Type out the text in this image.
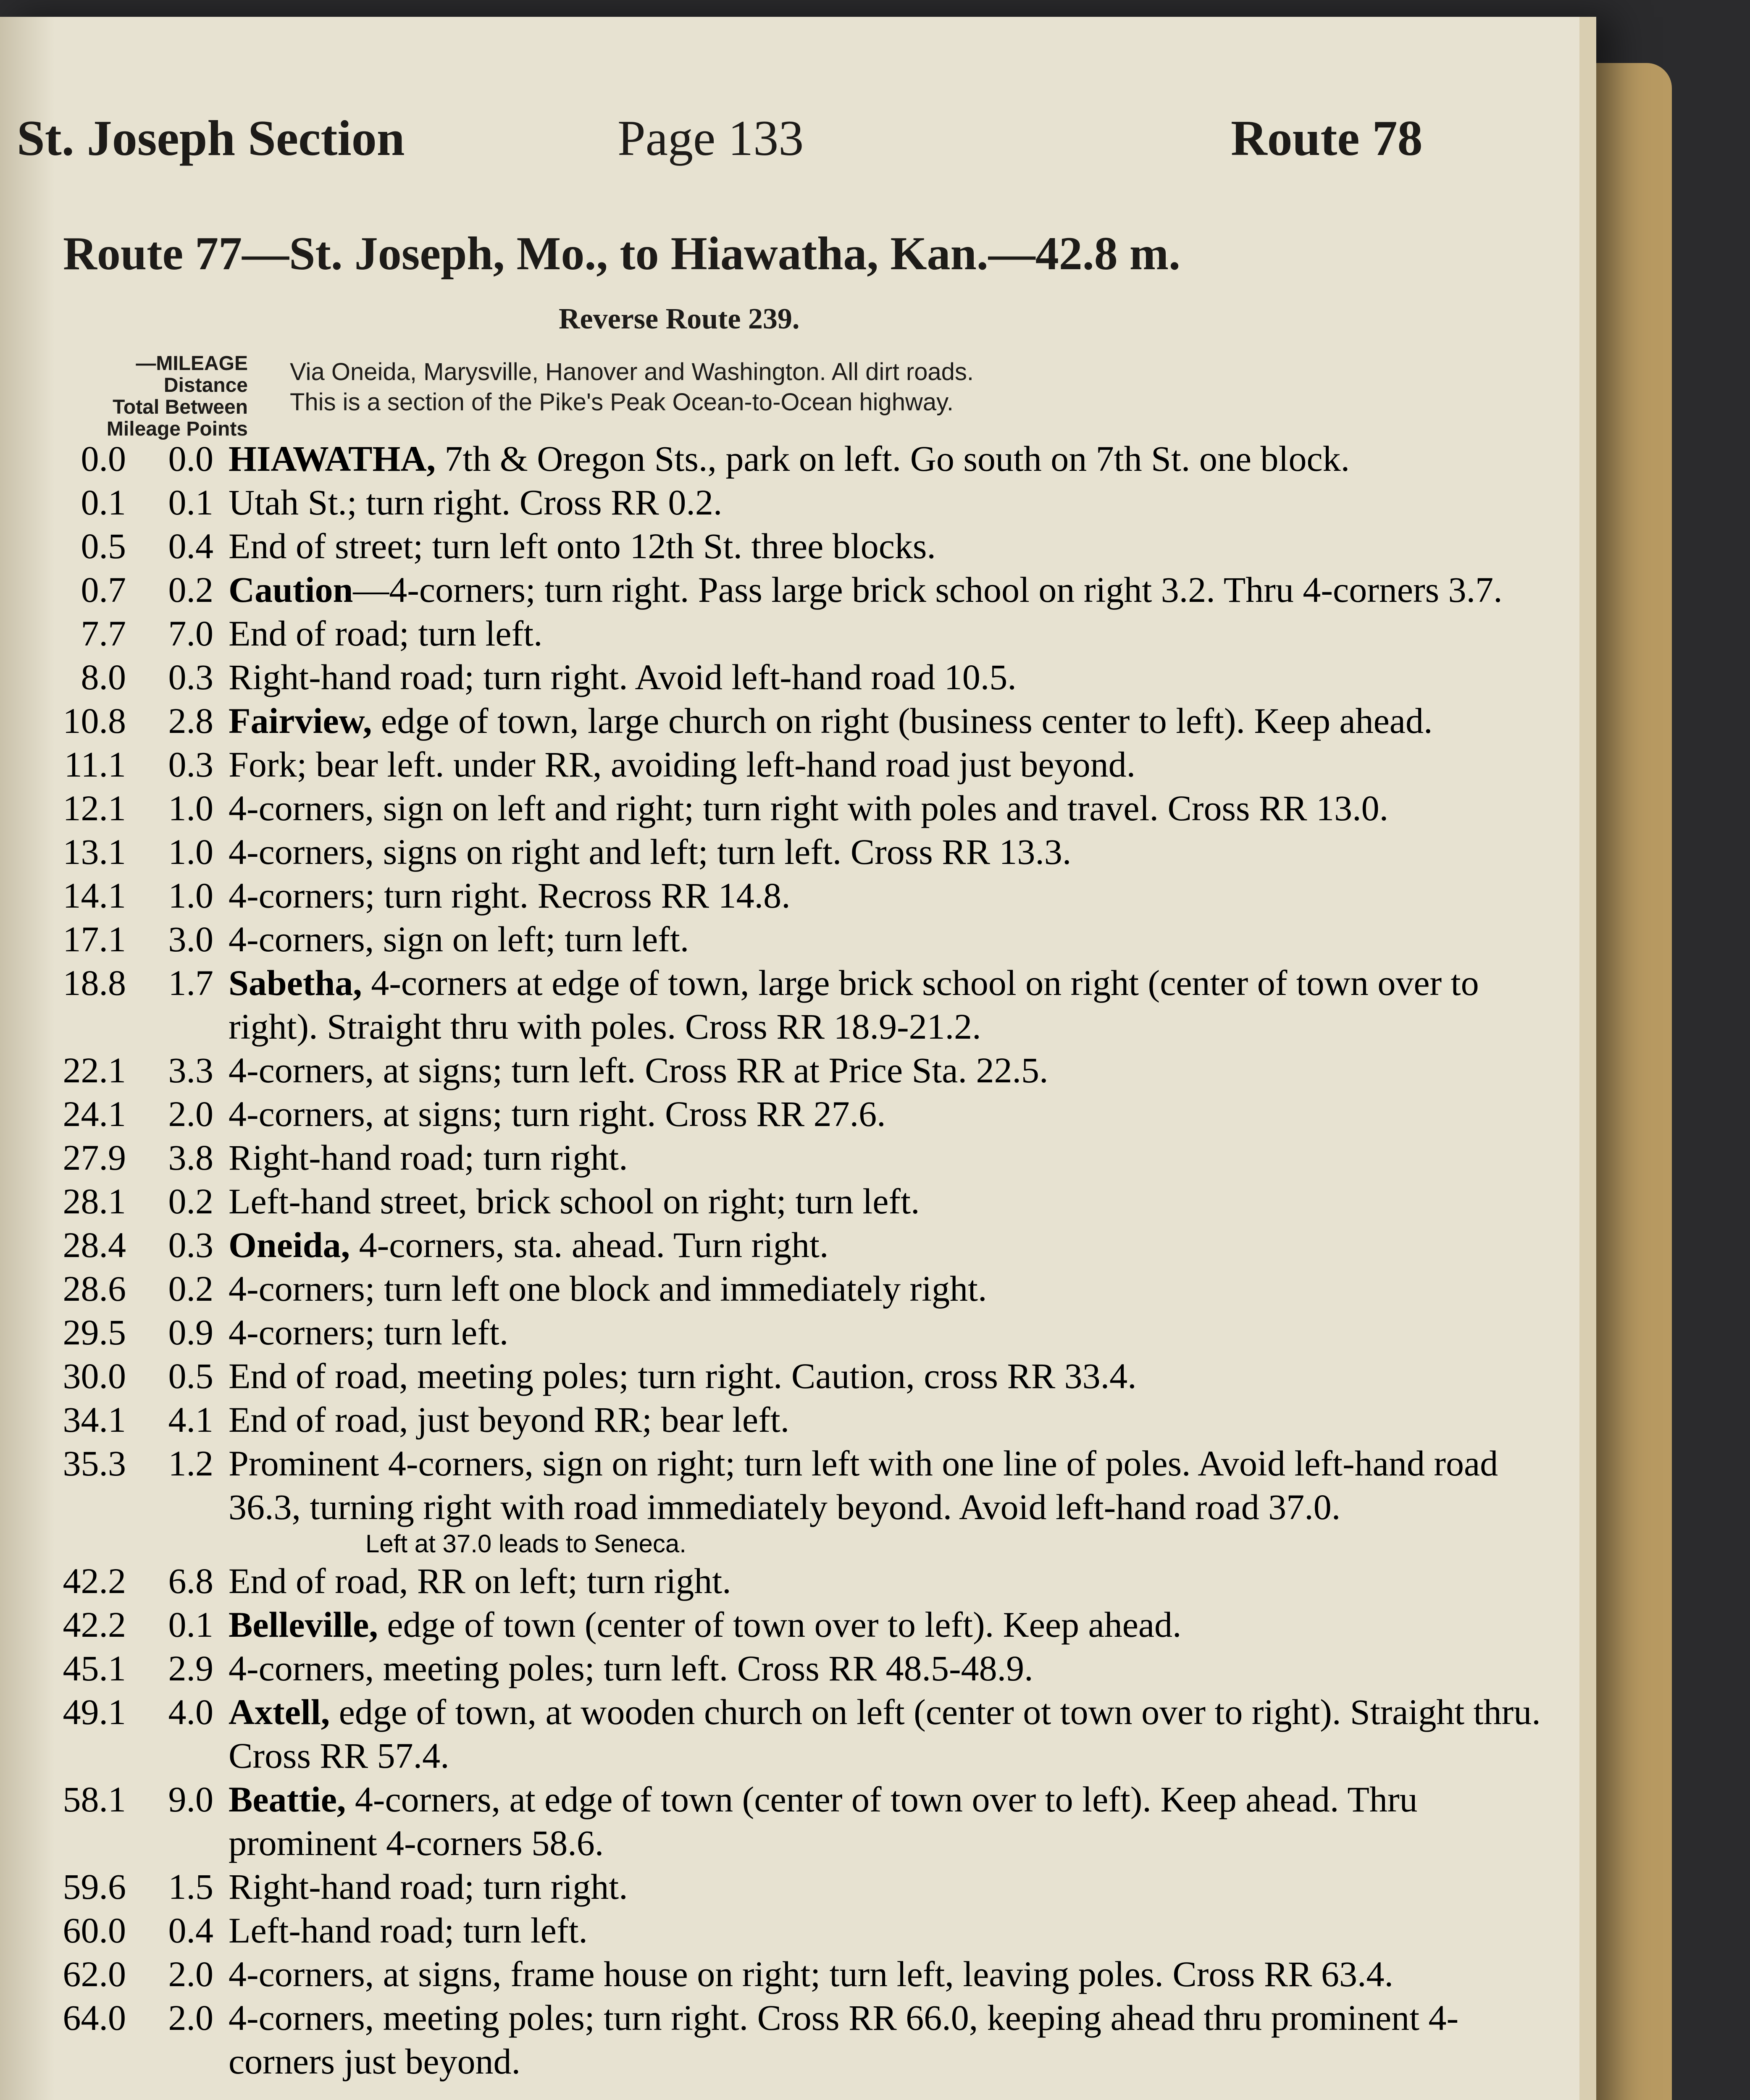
St. Joseph Section	Page 133	Route 78
Route 77—St. Joseph, Mo., to Hiawatha, Kan.—42.8 m.
Reverse Route 239.
—MILEAGE
Distance
Total Between
Mileage Points
Via Oneida, Marysville, Hanover and Washington. All dirt roads.
This is a section of the Pike's Peak Ocean-to-Ocean highway.
0.0	0.0 HIAWATHA, 7th & Oregon Sts., park on left. Go south on 7th St. one block.
0.1	0.1 Utah St.; turn right. Cross RR 0.2.
0.5	0.4 End of street; turn left onto 12th St. three blocks.
0.7	0.2 Caution—4-corners; turn right. Pass large brick school on right 3.2. Thru 4-corners 3.7.
7.7	7.0 End of road; turn left.
8.0	0.3 Right-hand road; turn right. Avoid left-hand road 10.5.
10.8	2.8 Fairview, edge of town, large church on right (business center to left). Keep ahead.
11.1	0.3 Fork; bear left. under RR, avoiding left-hand road just beyond.
12.1	1.0 4-corners, sign on left and right; turn right with poles and travel. Cross RR 13.0.
13.1	1.0 4-corners, signs on right and left; turn left. Cross RR 13.3.
14.1	1.0 4-corners; turn right. Recross RR 14.8.
17.1	3.0 4-corners, sign on left; turn left.
18.8	1.7 Sabetha, 4-corners at edge of town, large brick school on right (center of town over to right). Straight thru with poles. Cross RR 18.9-21.2.
22.1	3.3 4-corners, at signs; turn left. Cross RR at Price Sta. 22.5.
24.1	2.0 4-corners, at signs; turn right. Cross RR 27.6.
27.9	3.8 Right-hand road; turn right.
28.1	0.2 Left-hand street, brick school on right; turn left.
28.4	0.3 Oneida, 4-corners, sta. ahead. Turn right.
28.6	0.2 4-corners; turn left one block and immediately right.
29.5	0.9 4-corners; turn left.
30.0	0.5 End of road, meeting poles; turn right. Caution, cross RR 33.4.
34.1	4.1 End of road, just beyond RR; bear left.
35.3	1.2 Prominent 4-corners, sign on right; turn left with one line of poles. Avoid left-hand road 36.3, turning right with road immediately beyond. Avoid left-hand road 37.0.
Left at 37.0 leads to Seneca.
42.2	6.8 End of road, RR on left; turn right.
42.2	0.1 Belleville, edge of town (center of town over to left). Keep ahead.
45.1	2.9 4-corners, meeting poles; turn left. Cross RR 48.5-48.9.
49.1	4.0 Axtell, edge of town, at wooden church on left (center ot town over to right). Straight thru. Cross RR 57.4.
58.1	9.0 Beattie, 4-corners, at edge of town (center of town over to left). Keep ahead. Thru prominent 4-corners 58.6.
59.6	1.5 Right-hand road; turn right.
60.0	0.4 Left-hand road; turn left.
62.0	2.0 4-corners, at signs, frame house on right; turn left, leaving poles. Cross RR 63.4.
64.0	2.0 4-corners, meeting poles; turn right. Cross RR 66.0, keeping ahead thru prominent 4-corners just beyond.
